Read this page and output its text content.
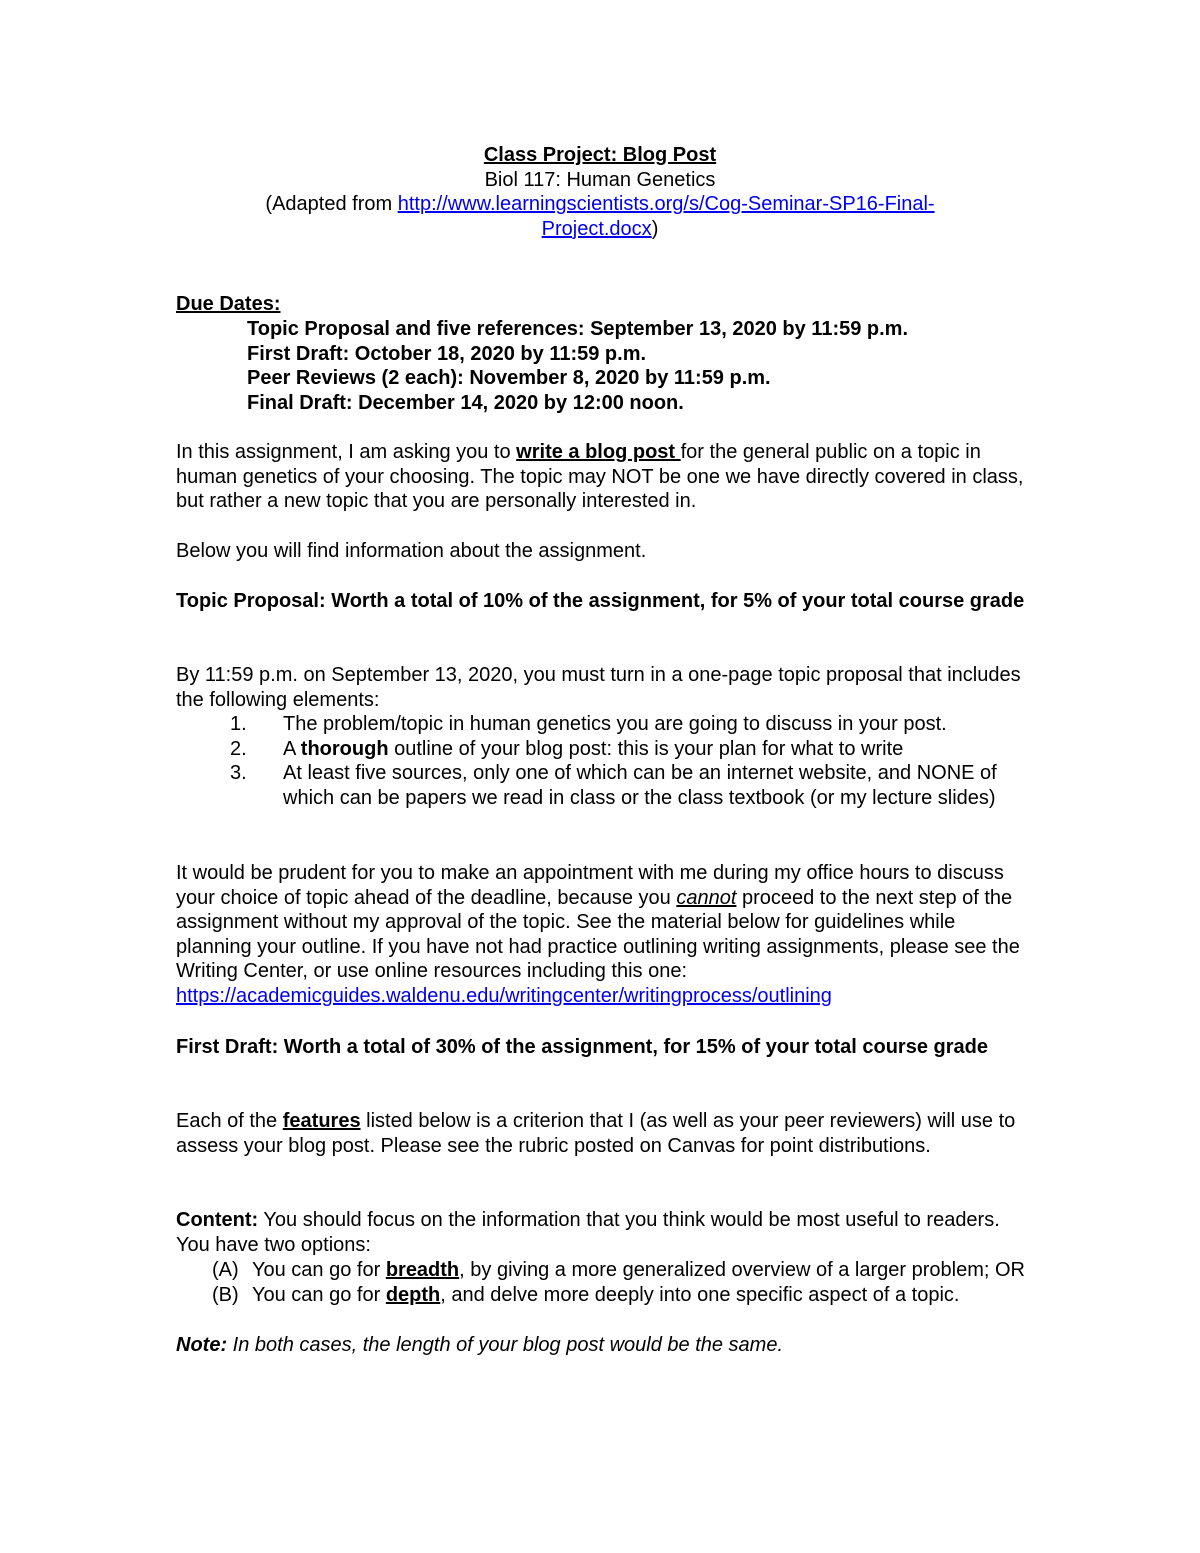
Class Project: Blog Post

Biol 117: Human Genetics

(Adapted from http://www.learningscientists.org/s/Cog-Seminar-SP16-Final-

Project.docx)

Due Dates:

Topic Proposal and five references: September 13, 2020 by 11:59 p.m.

First Draft: October 18, 2020 by 11:59 p.m.

Peer Reviews (2 each): November 8, 2020 by 11:59 p.m.

Final Draft: December 14, 2020 by 12:00 noon.

In this assignment, I am asking you to write a blog post for the general public on a topic in human genetics of your choosing. The topic may NOT be one we have directly covered in class, but rather a new topic that you are personally interested in.

Below you will find information about the assignment.

Topic Proposal: Worth a total of 10% of the assignment, for 5% of your total course grade

By 11:59 p.m. on September 13, 2020, you must turn in a one-page topic proposal that includes the following elements:

1. The problem/topic in human genetics you are going to discuss in your post.
2. A thorough outline of your blog post: this is your plan for what to write
3. At least five sources, only one of which can be an internet website, and NONE of which can be papers we read in class or the class textbook (or my lecture slides)

It would be prudent for you to make an appointment with me during my office hours to discuss your choice of topic ahead of the deadline, because you cannot proceed to the next step of the assignment without my approval of the topic. See the material below for guidelines while planning your outline. If you have not had practice outlining writing assignments, please see the Writing Center, or use online resources including this one: https://academicguides.waldenu.edu/writingcenter/writingprocess/outlining

First Draft: Worth a total of 30% of the assignment, for 15% of your total course grade

Each of the features listed below is a criterion that I (as well as your peer reviewers) will use to assess your blog post. Please see the rubric posted on Canvas for point distributions.

Content: You should focus on the information that you think would be most useful to readers. You have two options:

(A) You can go for breadth, by giving a more generalized overview of a larger problem; OR
(B) You can go for depth, and delve more deeply into one specific aspect of a topic.

Note: In both cases, the length of your blog post would be the same.
